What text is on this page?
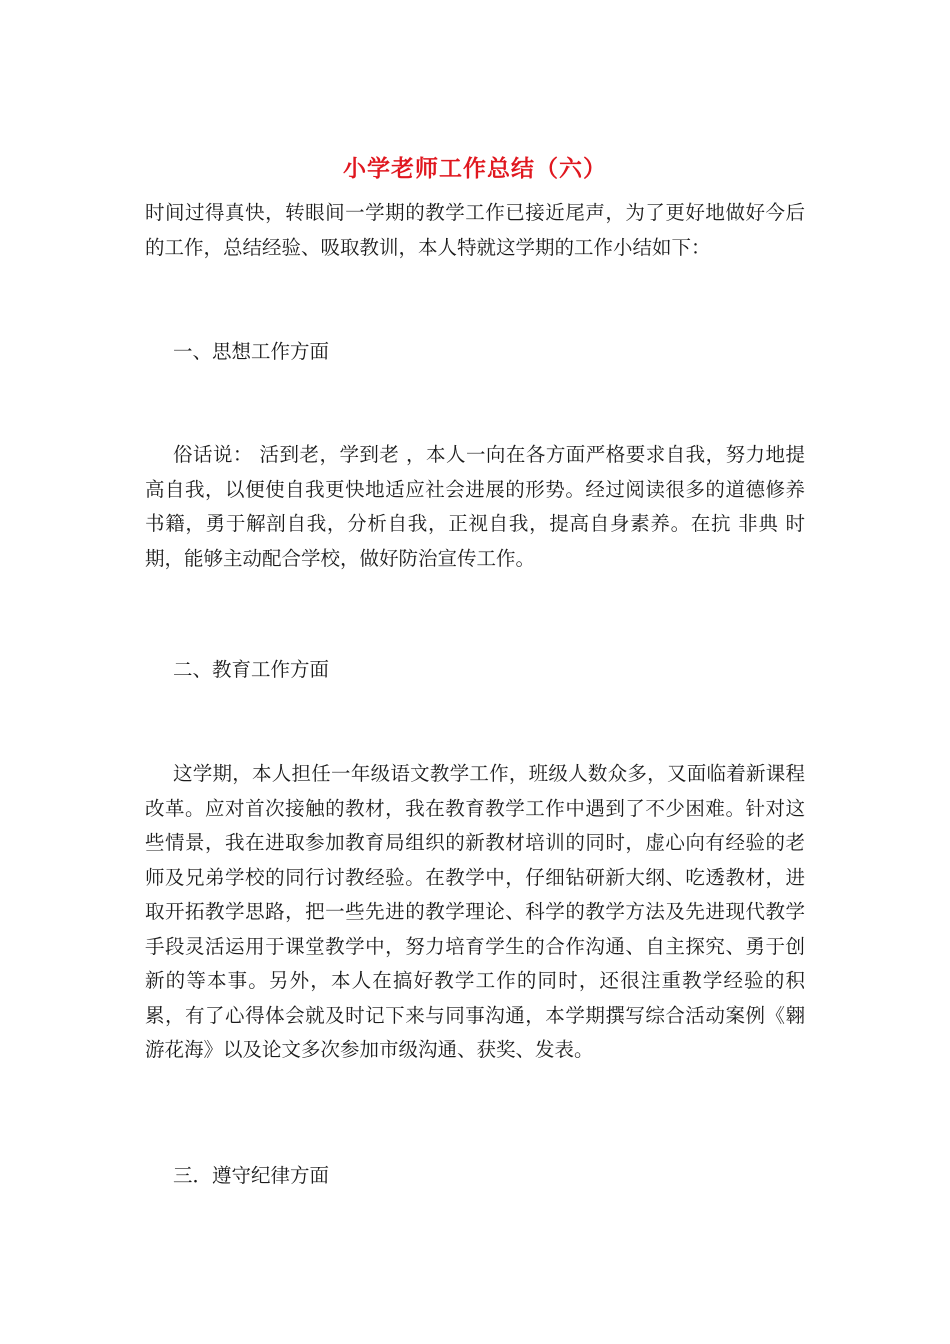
小学老师工作总结（六）

时间过得真快，转眼间一学期的教学工作已接近尾声，为了更好地做好今后的工作，总结经验、吸取教训，本人特就这学期的工作小结如下：

一、思想工作方面

俗话说： 活到老，学到老 ，本人一向在各方面严格要求自我，努力地提高自我，以便使自我更快地适应社会进展的形势。经过阅读很多的道德修养书籍，勇于解剖自我，分析自我，正视自我，提高自身素养。在抗 非典 时期，能够主动配合学校，做好防治宣传工作。

二、教育工作方面

这学期，本人担任一年级语文教学工作，班级人数众多，又面临着新课程改革。应对首次接触的教材，我在教育教学工作中遇到了不少困难。针对这些情景，我在进取参加教育局组织的新教材培训的同时，虚心向有经验的老师及兄弟学校的同行讨教经验。在教学中，仔细钻研新大纲、吃透教材，进取开拓教学思路，把一些先进的教学理论、科学的教学方法及先进现代教学手段灵活运用于课堂教学中，努力培育学生的合作沟通、自主探究、勇于创新的等本事。另外，本人在搞好教学工作的同时，还很注重教学经验的积累，有了心得体会就及时记下来与同事沟通，本学期撰写综合活动案例《翱游花海》以及论文多次参加市级沟通、获奖、发表。

三．遵守纪律方面
